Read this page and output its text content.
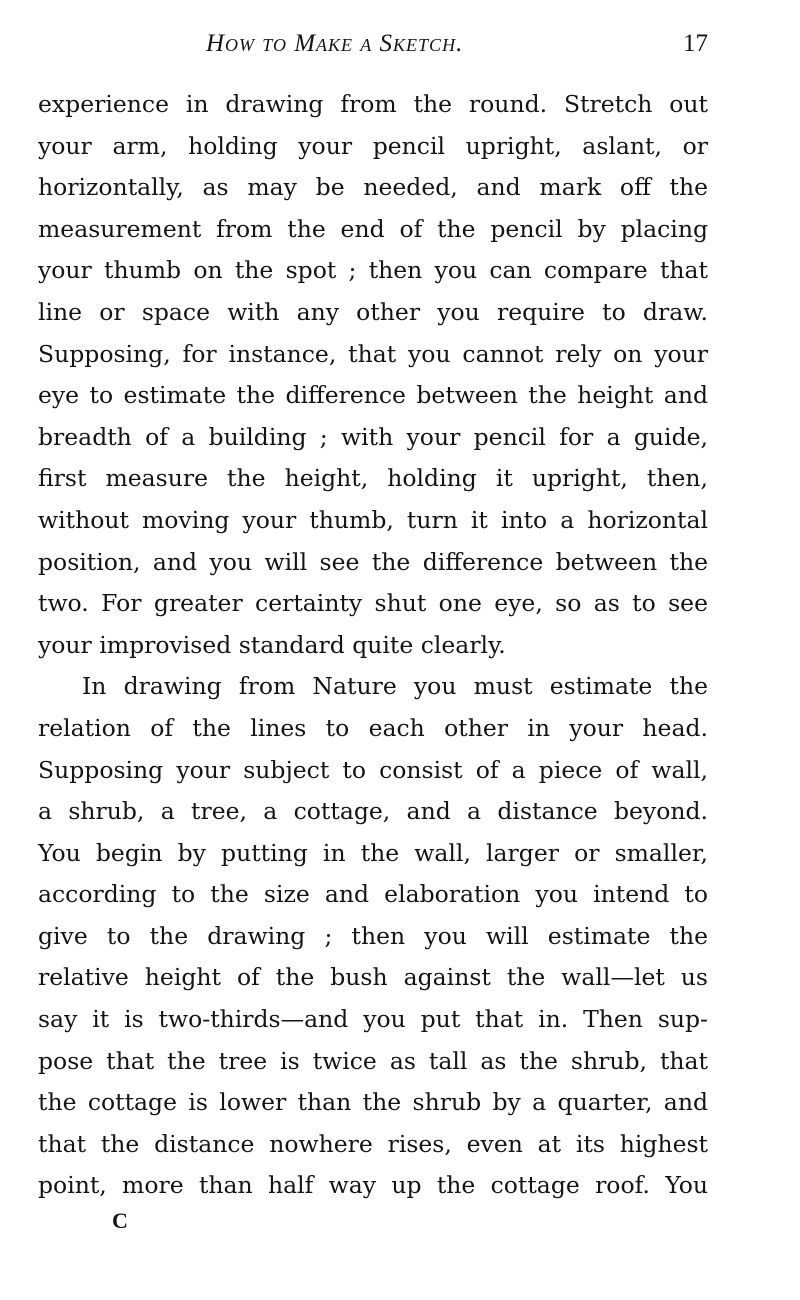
How to Make a Sketch.	17
experience in drawing from the round. Stretch out
your arm, holding your pencil upright, aslant, or
horizontally, as may be needed, and mark off the
measurement from the end of the pencil by placing
your thumb on the spot ; then you can compare that
line or space with any other you require to draw.
Supposing, for instance, that you cannot rely on your
eye to estimate the difference between the height and
breadth of a building ; with your pencil for a guide,
first measure the height, holding it upright, then,
without moving your thumb, turn it into a horizontal
position, and you will see the difference between the
two. For greater certainty shut one eye, so as to see
your improvised standard quite clearly.
In drawing from Nature you must estimate the
relation of the lines to each other in your head.
Supposing your subject to consist of a piece of wall,
a shrub, a tree, a cottage, and a distance beyond.
You begin by putting in the wall, larger or smaller,
according to the size and elaboration you intend to
give to the drawing ; then you will estimate the
relative height of the bush against the wall—let us
say it is two-thirds—and you put that in. Then sup-
pose that the tree is twice as tall as the shrub, that
the cottage is lower than the shrub by a quarter, and
that the distance nowhere rises, even at its highest
point, more than half way up the cottage roof. You
C
